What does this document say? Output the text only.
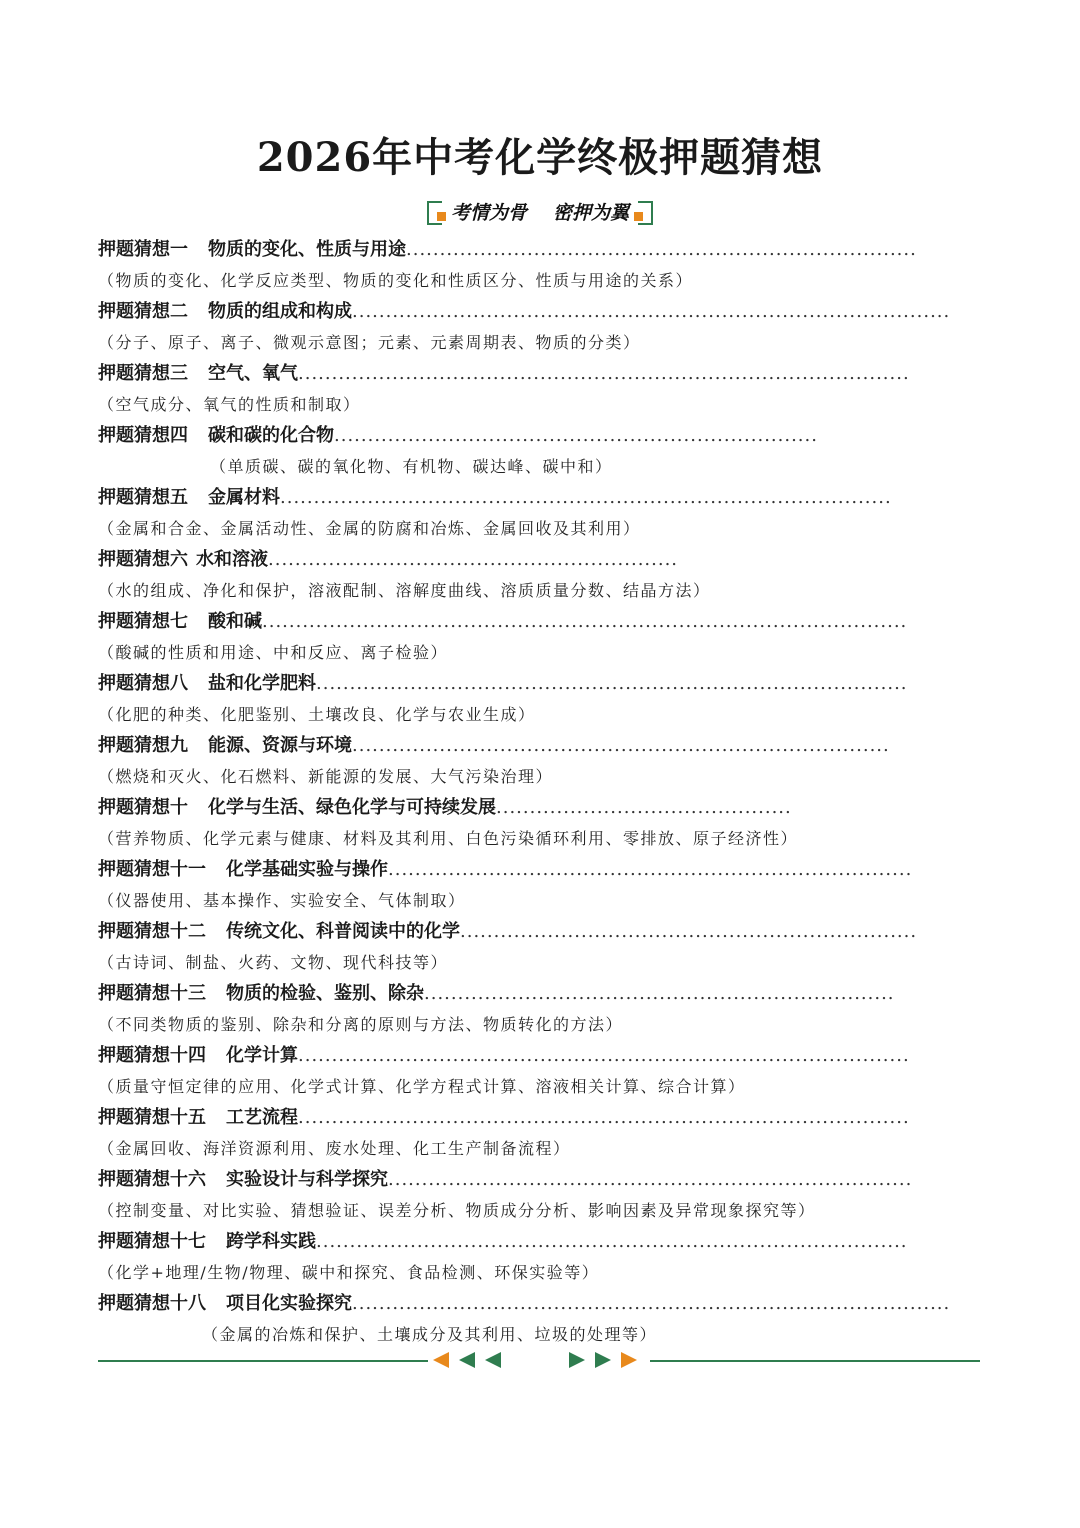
2026年中考化学终极押题猜想
考情为骨 密押为翼
押题猜想一 物质的变化、性质与用途............................................................................
（物质的变化、化学反应类型、物质的变化和性质区分、性质与用途的关系）
押题猜想二 物质的组成和构成.........................................................................................
（分子、原子、离子、微观示意图；元素、元素周期表、物质的分类）
押题猜想三 空气、氧气...........................................................................................
（空气成分、氧气的性质和制取）
押题猜想四 碳和碳的化合物........................................................................
（单质碳、碳的氧化物、有机物、碳达峰、碳中和）
押题猜想五 金属材料...........................................................................................
（金属和合金、金属活动性、金属的防腐和冶炼、金属回收及其利用）
押题猜想六 水和溶液.............................................................
（水的组成、净化和保护，溶液配制、溶解度曲线、溶质质量分数、结晶方法）
押题猜想七 酸和碱................................................................................................
（酸碱的性质和用途、中和反应、离子检验）
押题猜想八 盐和化学肥料........................................................................................
（化肥的种类、化肥鉴别、土壤改良、化学与农业生成）
押题猜想九 能源、资源与环境................................................................................
（燃烧和灭火、化石燃料、新能源的发展、大气污染治理）
押题猜想十 化学与生活、绿色化学与可持续发展............................................
（营养物质、化学元素与健康、材料及其利用、白色污染循环利用、零排放、原子经济性）
押题猜想十一 化学基础实验与操作..............................................................................
（仪器使用、基本操作、实验安全、气体制取）
押题猜想十二 传统文化、科普阅读中的化学....................................................................
（古诗词、制盐、火药、文物、现代科技等）
押题猜想十三 物质的检验、鉴别、除杂......................................................................
（不同类物质的鉴别、除杂和分离的原则与方法、物质转化的方法）
押题猜想十四 化学计算...........................................................................................
（质量守恒定律的应用、化学式计算、化学方程式计算、溶液相关计算、综合计算）
押题猜想十五 工艺流程...........................................................................................
（金属回收、海洋资源利用、废水处理、化工生产制备流程）
押题猜想十六 实验设计与科学探究..............................................................................
（控制变量、对比实验、猜想验证、误差分析、物质成分分析、影响因素及异常现象探究等）
押题猜想十七 跨学科实践........................................................................................
（化学+地理/生物/物理、碳中和探究、食品检测、环保实验等）
押题猜想十八 项目化实验探究.........................................................................................
（金属的冶炼和保护、土壤成分及其利用、垃圾的处理等）
